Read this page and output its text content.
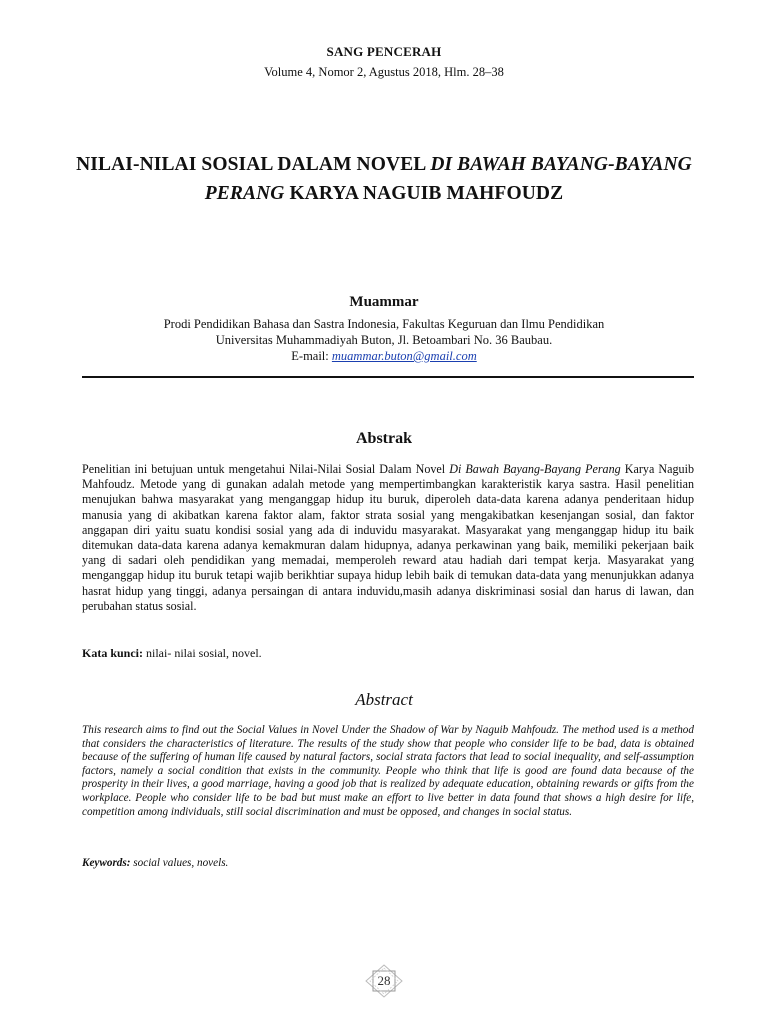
SANG PENCERAH
Volume 4, Nomor 2, Agustus 2018, Hlm. 28–38
NILAI-NILAI SOSIAL DALAM NOVEL DI BAWAH BAYANG-BAYANG PERANG KARYA NAGUIB MAHFOUDZ
Muammar
Prodi Pendidikan Bahasa dan Sastra Indonesia, Fakultas Keguruan dan Ilmu Pendidikan
Universitas Muhammadiyah Buton, Jl. Betoambari No. 36 Baubau.
E-mail: muammar.buton@gmail.com
Abstrak
Penelitian ini betujuan untuk mengetahui Nilai-Nilai Sosial Dalam Novel Di Bawah Bayang-Bayang Perang Karya Naguib Mahfoudz. Metode yang di gunakan adalah metode yang mempertimbangkan karakteristik karya sastra. Hasil penelitian menujukan bahwa masyarakat yang menganggap hidup itu buruk, diperoleh data-data karena adanya penderitaan hidup manusia yang di akibatkan karena faktor alam, faktor strata sosial yang mengakibatkan kesenjangan sosial, dan faktor anggapan diri yaitu suatu kondisi sosial yang ada di induvidu masyarakat. Masyarakat yang menganggap hidup itu baik ditemukan data-data karena adanya kemakmuran dalam hidupnya, adanya perkawinan yang baik, memiliki pekerjaan baik yang di sadari oleh pendidikan yang memadai, memperoleh reward atau hadiah dari tempat kerja. Masyarakat yang menganggap hidup itu buruk tetapi wajib berikhtiar supaya hidup lebih baik di temukan data-data yang menunjukkan adanya hasrat hidup yang tinggi, adanya persaingan di antara induvidu,masih adanya diskriminasi sosial dan harus di lawan, dan perubahan status sosial.
Kata kunci: nilai- nilai sosial, novel.
Abstract
This research aims to find out the Social Values in Novel Under the Shadow of War by Naguib Mahfoudz. The method used is a method that considers the characteristics of literature. The results of the study show that people who consider life to be bad, data is obtained because of the suffering of human life caused by natural factors, social strata factors that lead to social inequality, and self-assumption factors, namely a social condition that exists in the community. People who think that life is good are found data because of the prosperity in their lives, a good marriage, having a good job that is realized by adequate education, obtaining rewards or gifts from the workplace. People who consider life to be bad but must make an effort to live better in data found that shows a high desire for life, competition among individuals, still social discrimination and must be opposed, and changes in social status.
Keywords: social values, novels.
28
